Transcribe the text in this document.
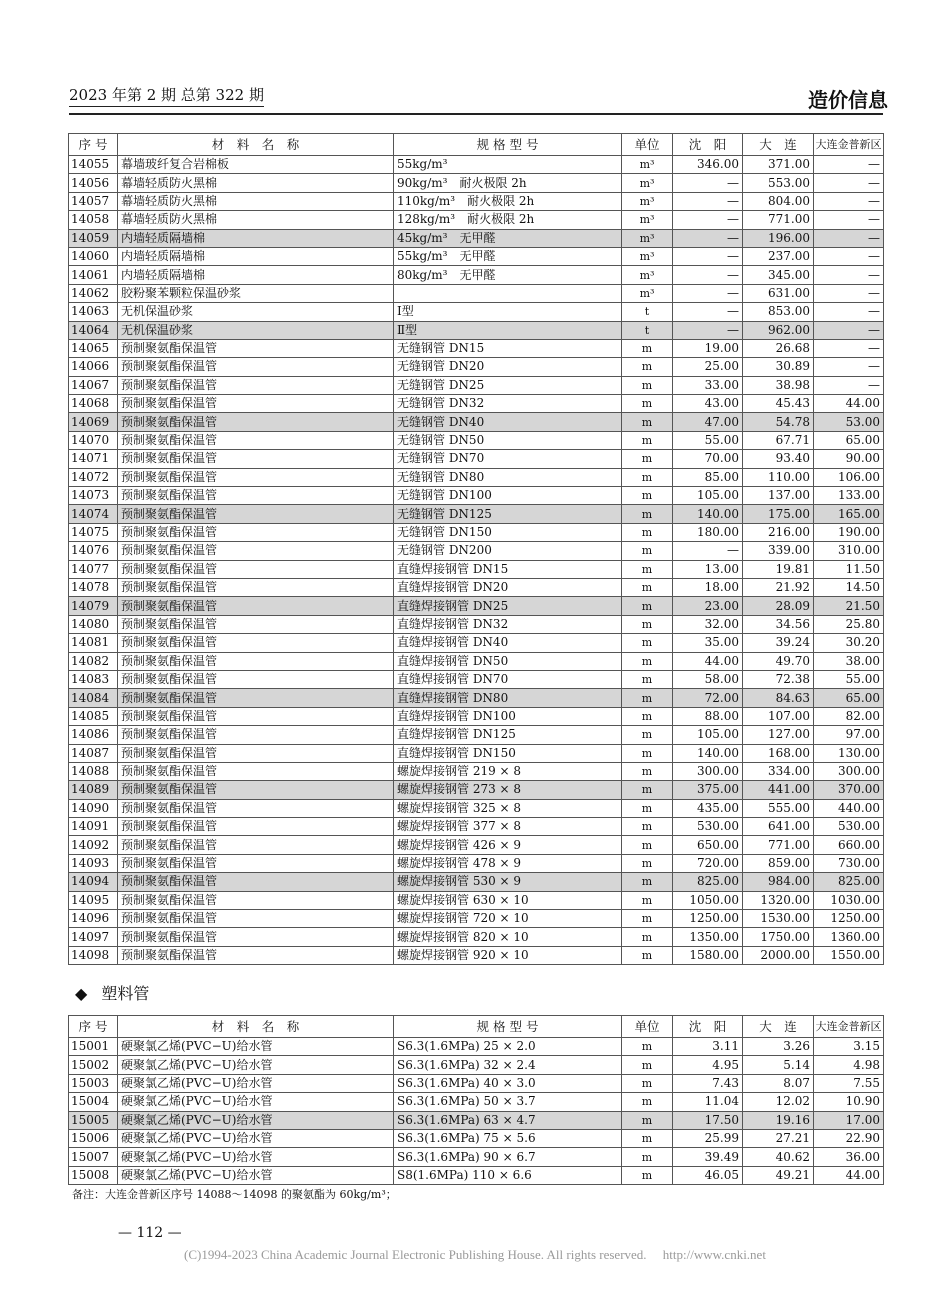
2023 年第 2 期 总第 322 期	造价信息
序 号	材　料　名　称	规 格 型 号	单位	沈　阳	大　连	大连金普新区
14055	幕墙玻纤复合岩棉板	55kg/m³	m³	346.00	371.00	—
14056	幕墙轻质防火黑棉	90kg/m³　耐火极限 2h	m³	—	553.00	—
14057	幕墙轻质防火黑棉	110kg/m³　耐火极限 2h	m³	—	804.00	—
14058	幕墙轻质防火黑棉	128kg/m³　耐火极限 2h	m³	—	771.00	—
14059	内墙轻质隔墙棉	45kg/m³　无甲醛	m³	—	196.00	—
14060	内墙轻质隔墙棉	55kg/m³　无甲醛	m³	—	237.00	—
14061	内墙轻质隔墙棉	80kg/m³　无甲醛	m³	—	345.00	—
14062	胶粉聚苯颗粒保温砂浆		m³	—	631.00	—
14063	无机保温砂浆	Ⅰ型	t	—	853.00	—
14064	无机保温砂浆	Ⅱ型	t	—	962.00	—
14065	预制聚氨酯保温管	无缝钢管 DN15	m	19.00	26.68	—
14066	预制聚氨酯保温管	无缝钢管 DN20	m	25.00	30.89	—
14067	预制聚氨酯保温管	无缝钢管 DN25	m	33.00	38.98	—
14068	预制聚氨酯保温管	无缝钢管 DN32	m	43.00	45.43	44.00
14069	预制聚氨酯保温管	无缝钢管 DN40	m	47.00	54.78	53.00
14070	预制聚氨酯保温管	无缝钢管 DN50	m	55.00	67.71	65.00
14071	预制聚氨酯保温管	无缝钢管 DN70	m	70.00	93.40	90.00
14072	预制聚氨酯保温管	无缝钢管 DN80	m	85.00	110.00	106.00
14073	预制聚氨酯保温管	无缝钢管 DN100	m	105.00	137.00	133.00
14074	预制聚氨酯保温管	无缝钢管 DN125	m	140.00	175.00	165.00
14075	预制聚氨酯保温管	无缝钢管 DN150	m	180.00	216.00	190.00
14076	预制聚氨酯保温管	无缝钢管 DN200	m	—	339.00	310.00
14077	预制聚氨酯保温管	直缝焊接钢管 DN15	m	13.00	19.81	11.50
14078	预制聚氨酯保温管	直缝焊接钢管 DN20	m	18.00	21.92	14.50
14079	预制聚氨酯保温管	直缝焊接钢管 DN25	m	23.00	28.09	21.50
14080	预制聚氨酯保温管	直缝焊接钢管 DN32	m	32.00	34.56	25.80
14081	预制聚氨酯保温管	直缝焊接钢管 DN40	m	35.00	39.24	30.20
14082	预制聚氨酯保温管	直缝焊接钢管 DN50	m	44.00	49.70	38.00
14083	预制聚氨酯保温管	直缝焊接钢管 DN70	m	58.00	72.38	55.00
14084	预制聚氨酯保温管	直缝焊接钢管 DN80	m	72.00	84.63	65.00
14085	预制聚氨酯保温管	直缝焊接钢管 DN100	m	88.00	107.00	82.00
14086	预制聚氨酯保温管	直缝焊接钢管 DN125	m	105.00	127.00	97.00
14087	预制聚氨酯保温管	直缝焊接钢管 DN150	m	140.00	168.00	130.00
14088	预制聚氨酯保温管	螺旋焊接钢管 219 × 8	m	300.00	334.00	300.00
14089	预制聚氨酯保温管	螺旋焊接钢管 273 × 8	m	375.00	441.00	370.00
14090	预制聚氨酯保温管	螺旋焊接钢管 325 × 8	m	435.00	555.00	440.00
14091	预制聚氨酯保温管	螺旋焊接钢管 377 × 8	m	530.00	641.00	530.00
14092	预制聚氨酯保温管	螺旋焊接钢管 426 × 9	m	650.00	771.00	660.00
14093	预制聚氨酯保温管	螺旋焊接钢管 478 × 9	m	720.00	859.00	730.00
14094	预制聚氨酯保温管	螺旋焊接钢管 530 × 9	m	825.00	984.00	825.00
14095	预制聚氨酯保温管	螺旋焊接钢管 630 × 10	m	1050.00	1320.00	1030.00
14096	预制聚氨酯保温管	螺旋焊接钢管 720 × 10	m	1250.00	1530.00	1250.00
14097	预制聚氨酯保温管	螺旋焊接钢管 820 × 10	m	1350.00	1750.00	1360.00
14098	预制聚氨酯保温管	螺旋焊接钢管 920 × 10	m	1580.00	2000.00	1550.00
◆ 塑料管
序 号	材　料　名　称	规 格 型 号	单位	沈　阳	大　连	大连金普新区
15001	硬聚氯乙烯(PVC−U)给水管	S6.3(1.6MPa) 25 × 2.0	m	3.11	3.26	3.15
15002	硬聚氯乙烯(PVC−U)给水管	S6.3(1.6MPa) 32 × 2.4	m	4.95	5.14	4.98
15003	硬聚氯乙烯(PVC−U)给水管	S6.3(1.6MPa) 40 × 3.0	m	7.43	8.07	7.55
15004	硬聚氯乙烯(PVC−U)给水管	S6.3(1.6MPa) 50 × 3.7	m	11.04	12.02	10.90
15005	硬聚氯乙烯(PVC−U)给水管	S6.3(1.6MPa) 63 × 4.7	m	17.50	19.16	17.00
15006	硬聚氯乙烯(PVC−U)给水管	S6.3(1.6MPa) 75 × 5.6	m	25.99	27.21	22.90
15007	硬聚氯乙烯(PVC−U)给水管	S6.3(1.6MPa) 90 × 6.7	m	39.49	40.62	36.00
15008	硬聚氯乙烯(PVC−U)给水管	S8(1.6MPa) 110 × 6.6	m	46.05	49.21	44.00
备注：大连金普新区序号 14088～14098 的聚氨酯为 60kg/m³；
— 112 —
(C)1994-2023 China Academic Journal Electronic Publishing House. All rights reserved.　 http://www.cnki.net
